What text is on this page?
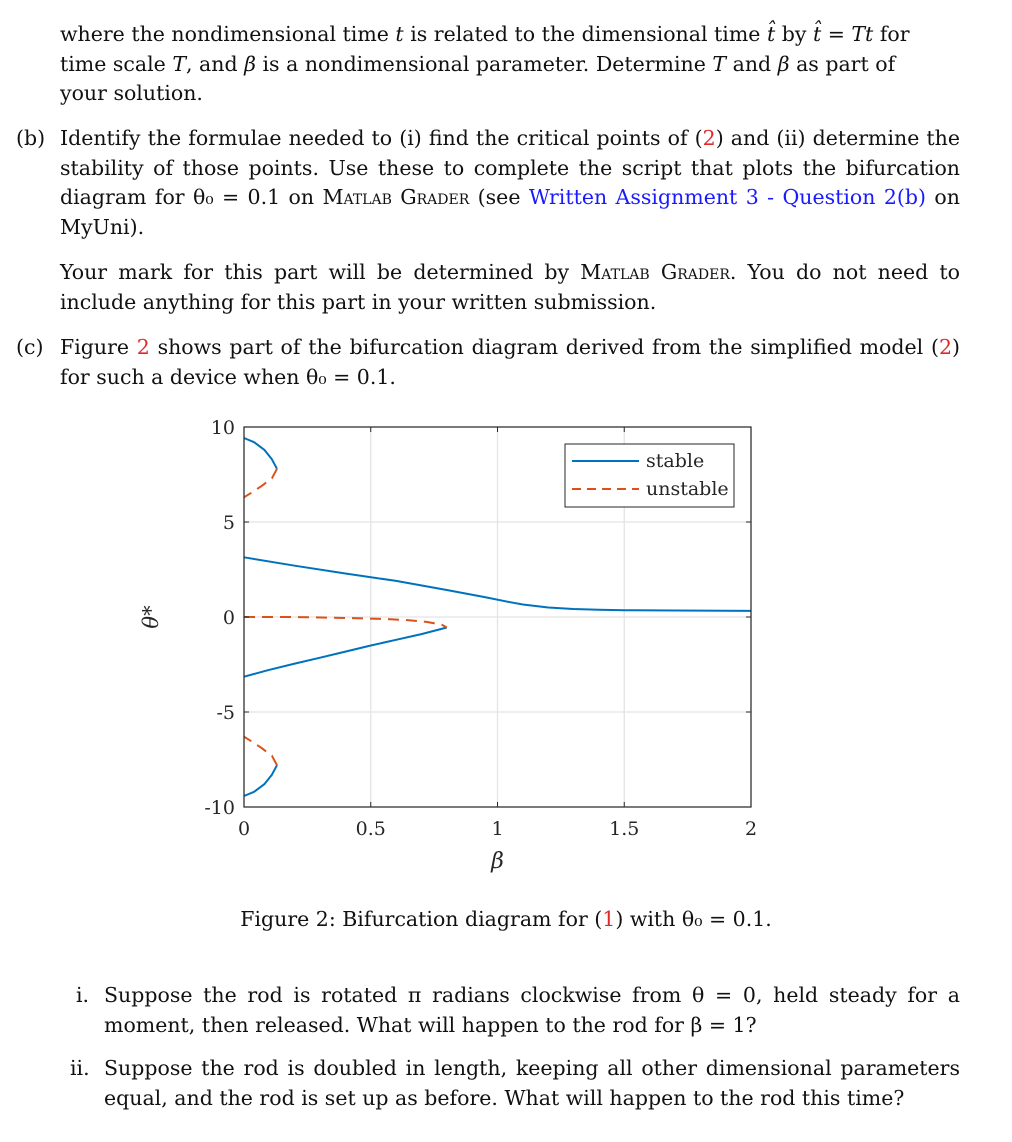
where the nondimensional time t is related to the dimensional time t̂ by t̂ = Tt for
time scale T, and β is a nondimensional parameter. Determine T and β as part of
your solution.
(b) Identify the formulae needed to (i) find the critical points of (2) and (ii) determine the stability of those points. Use these to complete the script that plots the bifurcation diagram for θ₀ = 0.1 on Matlab Grader (see Written Assignment 3 - Question 2(b) on MyUni).
Your mark for this part will be determined by Matlab Grader. You do not need to include anything for this part in your written submission.
(c) Figure 2 shows part of the bifurcation diagram derived from the simplified model (2) for such a device when θ₀ = 0.1.
0	0.5	1	1.5	2
10
5
0
-5
-10
β
θ*
stable
unstable
Figure 2: Bifurcation diagram for (1) with θ₀ = 0.1.
i. Suppose the rod is rotated π radians clockwise from θ = 0, held steady for a moment, then released. What will happen to the rod for β = 1?
ii. Suppose the rod is doubled in length, keeping all other dimensional parameters equal, and the rod is set up as before. What will happen to the rod this time?
